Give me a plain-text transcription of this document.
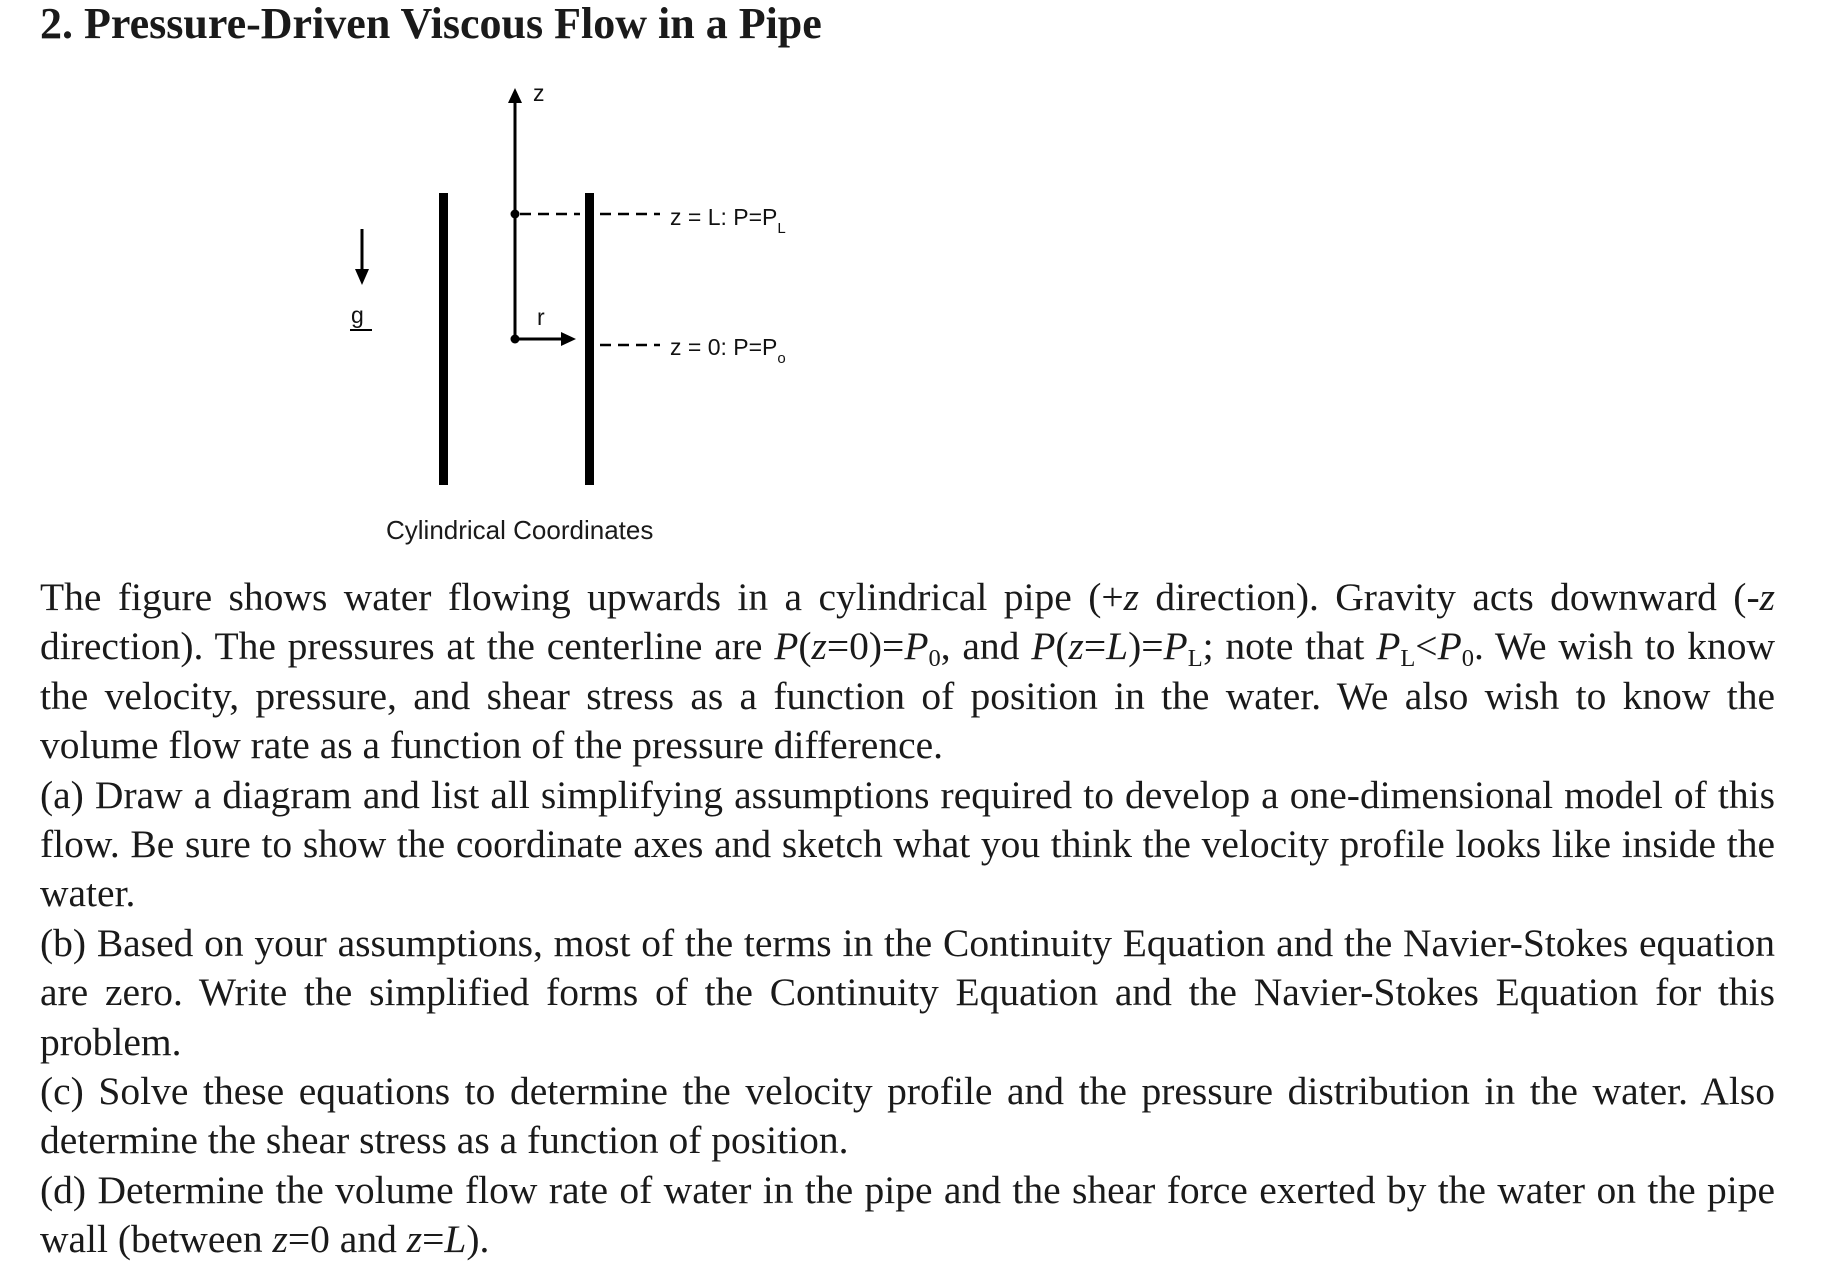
2. Pressure-Driven Viscous Flow in a Pipe
z
r
g
z = L: $P=P_L$
z = 0: $P=P_o$
Cylindrical Coordinates

The figure shows water flowing upwards in a cylindrical pipe (+z direction). Gravity acts downward (-z direction). The pressures at the centerline are $P(z=0)=P_0$, and $P(z=L)=P_L$; note that $P_L<P_0$. We wish to know the velocity, pressure, and shear stress as a function of position in the water. We also wish to know the volume flow rate as a function of the pressure difference.

(a) Draw a diagram and list all simplifying assumptions required to develop a one-dimensional model of this flow. Be sure to show the coordinate axes and sketch what you think the velocity profile looks like inside the water.

(b) Based on your assumptions, most of the terms in the Continuity Equation and the Navier-Stokes equation are zero. Write the simplified forms of the Continuity Equation and the Navier-Stokes Equation for this problem.

(c) Solve these equations to determine the velocity profile and the pressure distribution in the water. Also determine the shear stress as a function of position.

(d) Determine the volume flow rate of water in the pipe and the shear force exerted by the water on the pipe wall (between z=0 and z=L).
